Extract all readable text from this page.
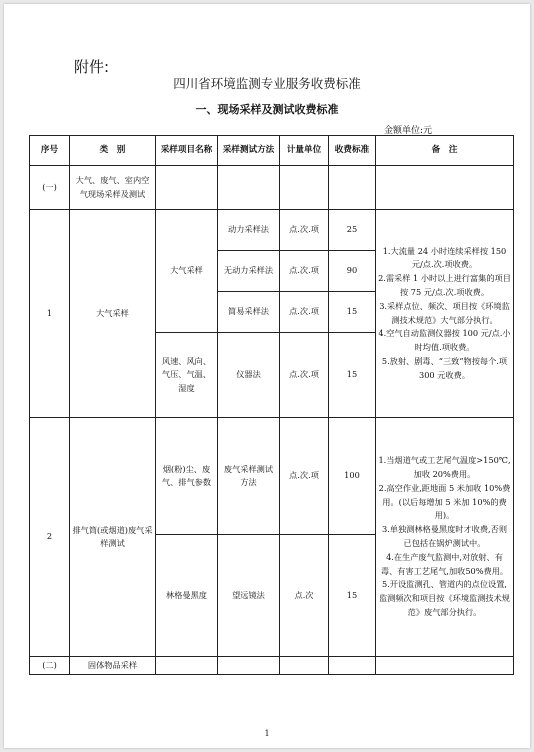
附件:
四川省环境监测专业服务收费标准
一、现场采样及测试收费标准
金额单位:元
序号	类　别	采样项目名称	采样测试方法	计量单位	收费标准	备　注
(一)	大气、废气、室内空气现场采样及测试					
1	大气采样	大气采样	动力采样法	点.次.项	25	1.大流量 24 小时连续采样按 150 元/点.次.项收费。
2.需采样 1 小时以上进行富集的项目按 75 元/点.次.项收费。
3.采样点位、频次、项目按《环境监测技术规范》大气部分执行。
4.空气自动监测仪器按 100 元/点.小时均值.项收费。
5.放射、剧毒、“三致”物按每个.项 300 元收费。

			无动力采样法	点.次.项	90	
			简易采样法	点.次.项	15	
		风速、风向、气压、气温、湿度	仪器法	点.次.项	15	
2	排气筒(或烟道)废气采样测试	烟(粉)尘、废气、排气参数	废气采样测试方法	点.次.项	100	1.当烟道气或工艺尾气温度>150℃, 加收 20%费用。
2.高空作业,距地面 5 米加收 10%费用。(以后每增加 5 米加 10%的费用)。
3.单独测林格曼黑度时才收费,否则已包括在锅炉测试中。
4.在生产废气监测中,对放射、有毒、有害工艺尾气,加收50%费用。
5.开设监测孔、管道内的点位设置,监测频次和项目按《环境监测技术规范》废气部分执行。

		林格曼黑度	望远镜法	点.次	15	
(二)	固体物品采样					
1
